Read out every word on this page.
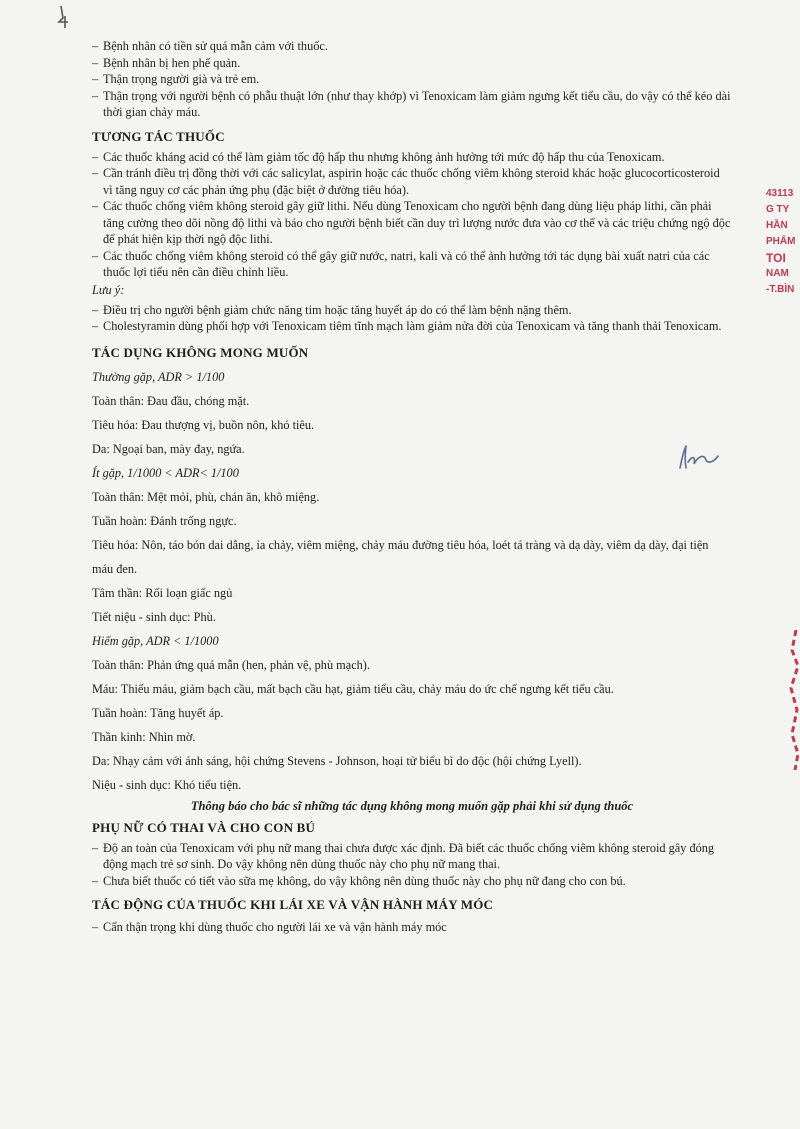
– Bệnh nhân có tiền sử quá mẫn cảm với thuốc.
– Bệnh nhân bị hen phế quản.
– Thận trọng người già và trẻ em.
– Thận trọng với người bệnh có phẫu thuật lớn (như thay khớp) vì Tenoxicam làm giảm ngưng kết tiểu cầu, do vậy có thể kéo dài thời gian chảy máu.
TƯƠNG TÁC THUỐC
– Các thuốc kháng acid có thể làm giảm tốc độ hấp thu nhưng không ảnh hưởng tới mức độ hấp thu của Tenoxicam.
– Cần tránh điều trị đồng thời với các salicylat, aspirin hoặc các thuốc chống viêm không steroid khác hoặc glucocorticosteroid vì tăng nguy cơ các phản ứng phụ (đặc biệt ở đường tiêu hóa).
– Các thuốc chống viêm không steroid gây giữ lithi. Nếu dùng Tenoxicam cho người bệnh đang dùng liệu pháp lithi, cần phải tăng cường theo dõi nồng độ lithi và báo cho người bệnh biết cần duy trì lượng nước đưa vào cơ thể và các triệu chứng ngộ độc để phát hiện kịp thời ngộ độc lithi.
– Các thuốc chống viêm không steroid có thể gây giữ nước, natri, kali và có thể ảnh hưởng tới tác dụng bài xuất natri của các thuốc lợi tiểu nên cần điều chỉnh liều.
Lưu ý:
– Điều trị cho người bệnh giảm chức năng tim hoặc tăng huyết áp do có thể làm bệnh nặng thêm.
– Cholestyramin dùng phối hợp với Tenoxicam tiêm tĩnh mạch làm giảm nửa đời của Tenoxicam và tăng thanh thải Tenoxicam.
TÁC DỤNG KHÔNG MONG MUỐN
Thường gặp, ADR > 1/100
Toàn thân: Đau đầu, chóng mặt.
Tiêu hóa: Đau thượng vị, buồn nôn, khó tiêu.
Da: Ngoại ban, mày đay, ngứa.
Ít gặp, 1/1000 < ADR< 1/100
Toàn thân: Mệt mỏi, phù, chán ăn, khô miệng.
Tuần hoàn: Đánh trống ngực.
Tiêu hóa: Nôn, táo bón dai dẳng, ỉa chảy, viêm miệng, chảy máu đường tiêu hóa, loét tá tràng và dạ dày, viêm dạ dày, đại tiện máu đen.
Tâm thần: Rối loạn giấc ngủ
Tiết niệu - sinh dục: Phù.
Hiếm gặp, ADR < 1/1000
Toàn thân: Phản ứng quá mẫn (hen, phản vệ, phù mạch).
Máu: Thiếu máu, giảm bạch cầu, mất bạch cầu hạt, giảm tiểu cầu, chảy máu do ức chế ngưng kết tiểu cầu.
Tuần hoàn: Tăng huyết áp.
Thần kinh: Nhìn mờ.
Da: Nhạy cảm với ánh sáng, hội chứng Stevens - Johnson, hoại tử biểu bì do độc (hội chứng Lyell).
Niệu - sinh dục: Khó tiểu tiện.
Thông báo cho bác sĩ những tác dụng không mong muốn gặp phải khi sử dụng thuốc
PHỤ NỮ CÓ THAI VÀ CHO CON BÚ
– Độ an toàn của Tenoxicam với phụ nữ mang thai chưa được xác định. Đã biết các thuốc chống viêm không steroid gây đóng động mạch trẻ sơ sinh. Do vậy không nên dùng thuốc này cho phụ nữ mang thai.
– Chưa biết thuốc có tiết vào sữa mẹ không, do vậy không nên dùng thuốc này cho phụ nữ đang cho con bú.
TÁC ĐỘNG CỦA THUỐC KHI LÁI XE VÀ VẬN HÀNH MÁY MÓC
– Cẩn thận trọng khi dùng thuốc cho người lái xe và vận hành máy móc
43113
G TY
HẦN
PHẨM
TOI
NAM
-T.BÌN
